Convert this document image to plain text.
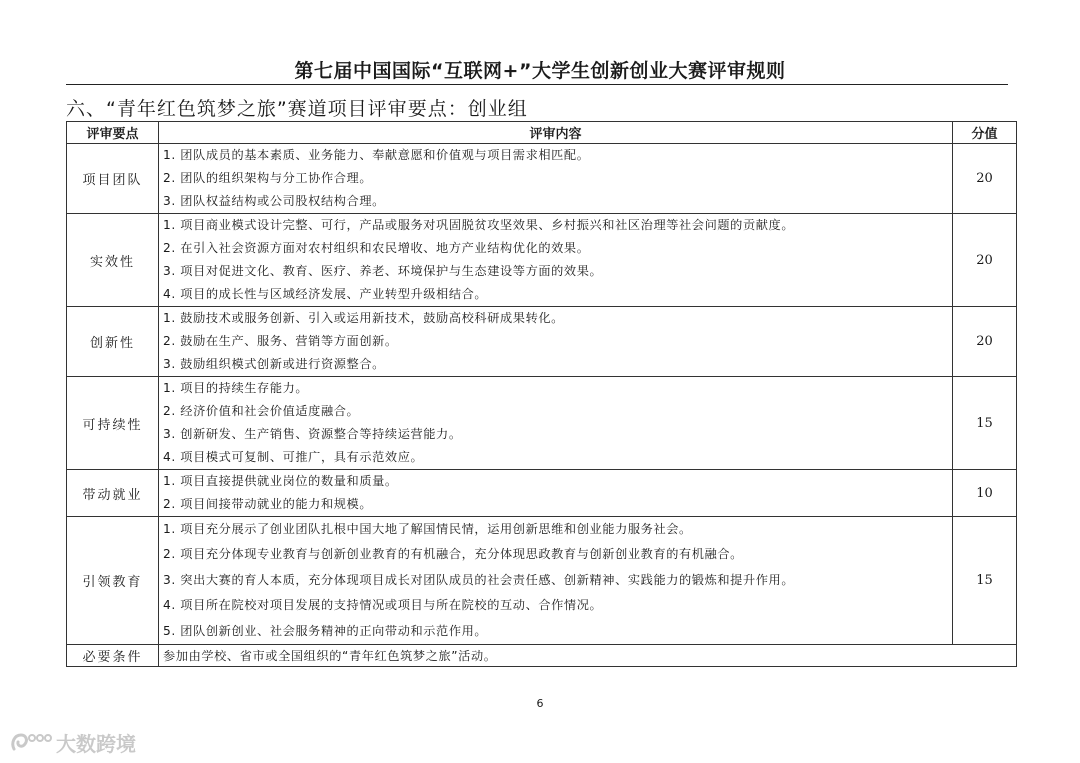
第七届中国国际“互联网+”大学生创新创业大赛评审规则
六、“青年红色筑梦之旅”赛道项目评审要点：创业组
评审要点	评审内容	分值
项目团队	1. 团队成员的基本素质、业务能力、奉献意愿和价值观与项目需求相匹配。
2. 团队的组织架构与分工协作合理。
3. 团队权益结构或公司股权结构合理。	20
实效性	1. 项目商业模式设计完整、可行，产品或服务对巩固脱贫攻坚效果、乡村振兴和社区治理等社会问题的贡献度。
2. 在引入社会资源方面对农村组织和农民增收、地方产业结构优化的效果。
3. 项目对促进文化、教育、医疗、养老、环境保护与生态建设等方面的效果。
4. 项目的成长性与区域经济发展、产业转型升级相结合。	20
创新性	1. 鼓励技术或服务创新、引入或运用新技术，鼓励高校科研成果转化。
2. 鼓励在生产、服务、营销等方面创新。
3. 鼓励组织模式创新或进行资源整合。	20
可持续性	1. 项目的持续生存能力。
2. 经济价值和社会价值适度融合。
3. 创新研发、生产销售、资源整合等持续运营能力。
4. 项目模式可复制、可推广，具有示范效应。	15
带动就业	1. 项目直接提供就业岗位的数量和质量。
2. 项目间接带动就业的能力和规模。	10
引领教育	1. 项目充分展示了创业团队扎根中国大地了解国情民情，运用创新思维和创业能力服务社会。
2. 项目充分体现专业教育与创新创业教育的有机融合，充分体现思政教育与创新创业教育的有机融合。
3. 突出大赛的育人本质，充分体现项目成长对团队成员的社会责任感、创新精神、实践能力的锻炼和提升作用。
4. 项目所在院校对项目发展的支持情况或项目与所在院校的互动、合作情况。
5. 团队创新创业、社会服务精神的正向带动和示范作用。	15
必要条件	参加由学校、省市或全国组织的“青年红色筑梦之旅”活动。	
6
大数跨境
